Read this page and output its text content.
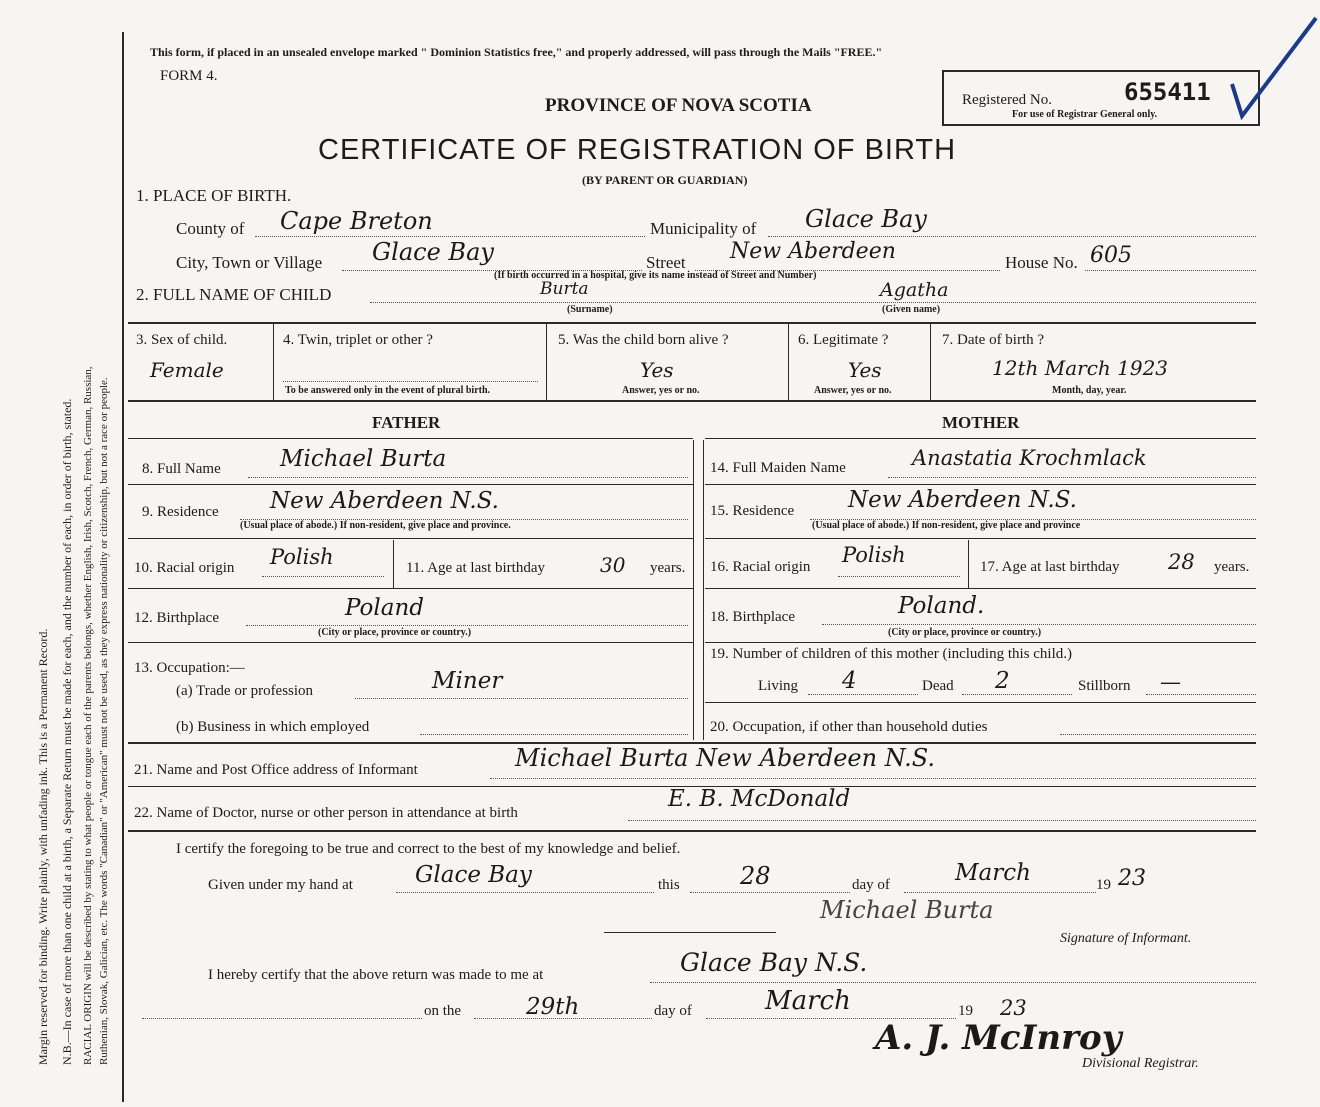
Margin reserved for binding. Write plainly, with unfading ink. This is a Permanent Record. N.B.—In case of more than one child at a birth, a Separate Return must be made for each, and the number of each, in order of birth, stated. RACIAL ORIGIN will be described by stating to what people or tongue each of the parents belongs, whether English, Irish, Scotch, French, German, Russian, Ruthenian, Slovak, Galician, etc. The words "Canadian" or "American" must not be used, as they express nationality or citizenship, but not a race or people.
This form, if placed in an unsealed envelope marked " Dominion Statistics free," and properly addressed, will pass through the Mails "FREE."
FORM 4.
PROVINCE OF NOVA SCOTIA
CERTIFICATE OF REGISTRATION OF BIRTH
(BY PARENT OR GUARDIAN)
Registered No.	655411
For use of Registrar General only.
1. PLACE OF BIRTH.
County of Cape Breton	Municipality of Glace Bay
City, Town or Village Glace Bay	Street New Aberdeen	House No. 605
(If birth occurred in a hospital, give its name instead of Street and Number)
2. FULL NAME OF CHILD	Burta	Agatha
(Surname)	(Given name)
3. Sex of child.
Female
4. Twin, triplet or other ?
To be answered only in the event of plural birth.
5. Was the child born alive ?
Yes
Answer, yes or no.
6. Legitimate ?
Yes
Answer, yes or no.
7. Date of birth ?
12th March 1923
Month, day, year.
FATHER	MOTHER
8. Full Name	Michael Burta
9. Residence New Aberdeen N.S.
(Usual place of abode.) If non-resident, give place and province.
10. Racial origin Polish	11. Age at last birthday	30 years.
12. Birthplace	Poland
(City or place, province or country.)
13. Occupation:—
(a) Trade or profession	Miner
(b) Business in which employed
14. Full Maiden Name	Anastatia Krochmlack
15. Residence New Aberdeen N.S.
(Usual place of abode.) If non-resident, give place and province
16. Racial origin Polish	17. Age at last birthday 28 years.
18. Birthplace	Poland.
(City or place, province or country.)
19. Number of children of this mother (including this child.)
Living 4	Dead 2	Stillborn —
20. Occupation, if other than household duties
21. Name and Post Office address of Informant	Michael Burta New Aberdeen N.S.
22. Name of Doctor, nurse or other person in attendance at birth
E. B. McDonald
I certify the foregoing to be true and correct to the best of my knowledge and belief.
Given under my hand at	Glace Bay	this	28	day of	March	19 23
Michael Burta
Signature of Informant.
I hereby certify that the above return was made to me at	Glace Bay N.S.
on the	29th	day of	March	19 23
A. J. McInroy
Divisional Registrar.
